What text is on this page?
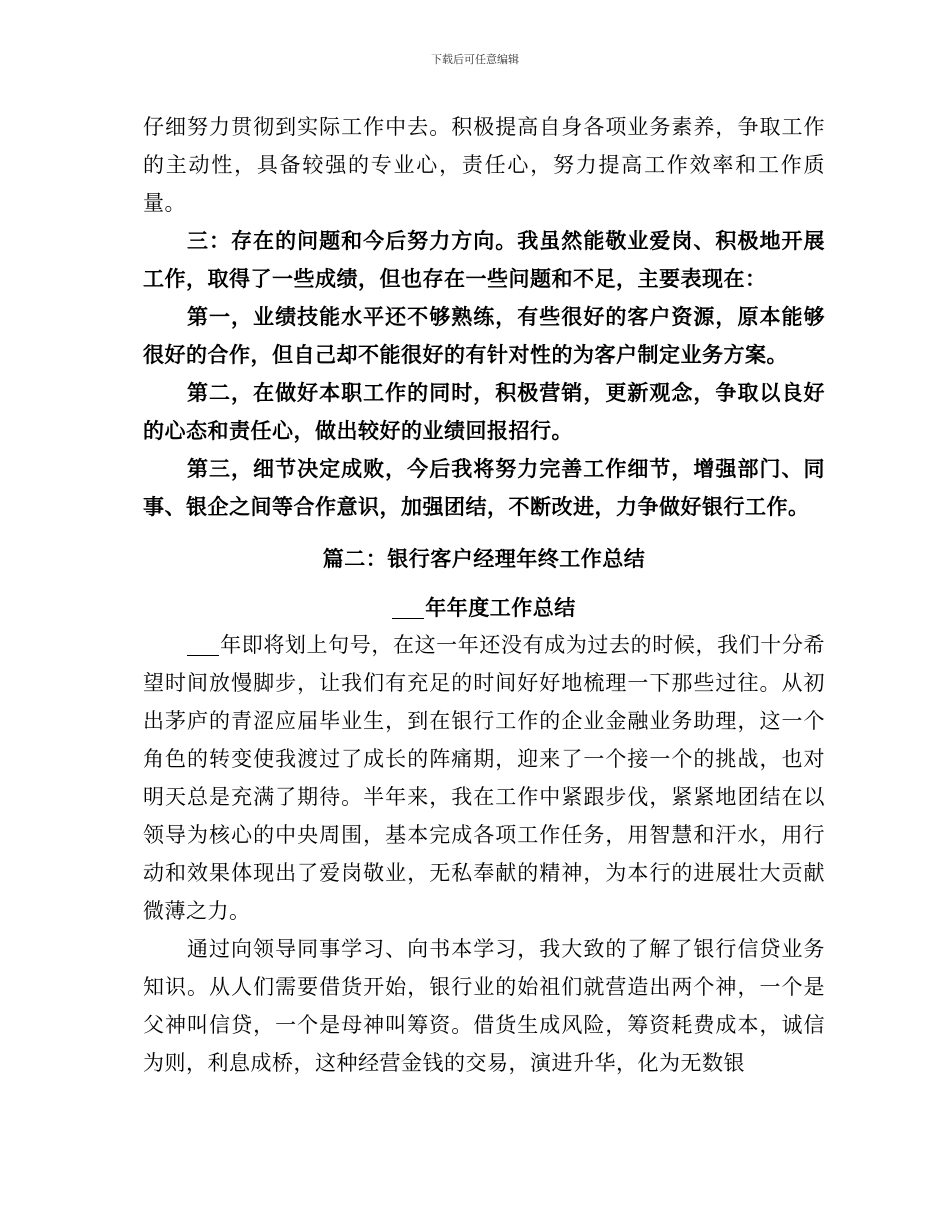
下载后可任意编辑

仔细努力贯彻到实际工作中去。积极提高自身各项业务素养，争取工作的主动性，具备较强的专业心，责任心，努力提高工作效率和工作质量。

三：存在的问题和今后努力方向。我虽然能敬业爱岗、积极地开展工作，取得了一些成绩，但也存在一些问题和不足，主要表现在：

第一，业绩技能水平还不够熟练，有些很好的客户资源，原本能够很好的合作，但自己却不能很好的有针对性的为客户制定业务方案。

第二，在做好本职工作的同时，积极营销，更新观念，争取以良好的心态和责任心，做出较好的业绩回报招行。

第三，细节决定成败，今后我将努力完善工作细节，增强部门、同事、银企之间等合作意识，加强团结，不断改进，力争做好银行工作。

篇二：银行客户经理年终工作总结
年年度工作总结

年即将划上句号，在这一年还没有成为过去的时候，我们十分希望时间放慢脚步，让我们有充足的时间好好地梳理一下那些过往。从初出茅庐的青涩应届毕业生，到在银行工作的企业金融业务助理，这一个角色的转变使我渡过了成长的阵痛期，迎来了一个接一个的挑战，也对明天总是充满了期待。半年来，我在工作中紧跟步伐，紧紧地团结在以领导为核心的中央周围，基本完成各项工作任务，用智慧和汗水，用行动和效果体现出了爱岗敬业，无私奉献的精神，为本行的进展壮大贡献微薄之力。

通过向领导同事学习、向书本学习，我大致的了解了银行信贷业务知识。从人们需要借货开始，银行业的始祖们就营造出两个神，一个是父神叫信贷，一个是母神叫筹资。借货生成风险，筹资耗费成本，诚信为则，利息成桥，这种经营金钱的交易，演进升华，化为无数银
